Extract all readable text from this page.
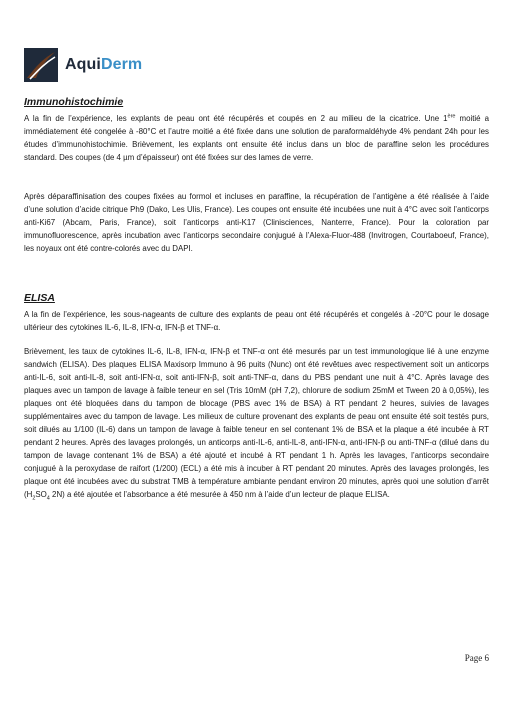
AquiDerm
Immunohistochimie
A la fin de l’expérience, les explants de peau ont été récupérés et coupés en 2 au milieu de la cicatrice. Une 1ère moitié a immédiatement été congelée à -80°C et l’autre moitié a été fixée dans une solution de paraformaldéhyde 4% pendant 24h pour les études d’immunohistochimie. Brièvement, les explants ont ensuite été inclus dans un bloc de paraffine selon les procédures standard. Des coupes (de 4 µm d’épaisseur) ont été fixées sur des lames de verre.
Après déparaffinisation des coupes fixées au formol et incluses en paraffine, la récupération de l’antigène a été réalisée à l’aide d’une solution d’acide citrique Ph9 (Dako, Les Ulis, France). Les coupes ont ensuite été incubées une nuit à 4°C avec soit l’anticorps anti-Ki67 (Abcam, Paris, France), soit l’anticorps anti-K17 (Clinisciences, Nanterre, France). Pour la coloration par immunofluorescence, après incubation avec l’anticorps secondaire conjugué à l’Alexa-Fluor-488 (Invitrogen, Courtaboeuf, France), les noyaux ont été contre-colorés avec du DAPI.
ELISA
A la fin de l’expérience, les sous-nageants de culture des explants de peau ont été récupérés et congelés à -20°C pour le dosage ultérieur des cytokines IL-6, IL-8, IFN-α, IFN-β et TNF-α.
Brièvement, les taux de cytokines IL-6, IL-8, IFN-α, IFN-β et TNF-α ont été mesurés par un test immunologique lié à une enzyme sandwich (ELISA). Des plaques ELISA Maxisorp Immuno à 96 puits (Nunc) ont été revêtues avec respectivement soit un anticorps anti-IL-6, soit anti-IL-8, soit anti-IFN-α, soit anti-IFN-β, soit anti-TNF-α, dans du PBS pendant une nuit à 4°C. Après lavage des plaques avec un tampon de lavage à faible teneur en sel (Tris 10mM (pH 7,2), chlorure de sodium 25mM et Tween 20 à 0,05%), les plaques ont été bloquées dans du tampon de blocage (PBS avec 1% de BSA) à RT pendant 2 heures, suivies de lavages supplémentaires avec du tampon de lavage. Les milieux de culture provenant des explants de peau ont ensuite été soit testés purs, soit dilués au 1/100 (IL-6) dans un tampon de lavage à faible teneur en sel contenant 1% de BSA et la plaque a été incubée à RT pendant 2 heures. Après des lavages prolongés, un anticorps anti-IL-6, anti-IL-8, anti-IFN-α, anti-IFN-β ou anti-TNF-α (dilué dans du tampon de lavage contenant 1% de BSA) a été ajouté et incubé à RT pendant 1 h. Après les lavages, l’anticorps secondaire conjugué à la peroxydase de raifort (1/200) (ECL) a été mis à incuber à RT pendant 20 minutes. Après des lavages prolongés, les plaque ont été incubées avec du substrat TMB à température ambiante pendant environ 20 minutes, après quoi une solution d’arrêt ($H_2SO_4$ 2N) a été ajoutée et l’absorbance a été mesurée à 450 nm à l’aide d’un lecteur de plaque ELISA.
Page 6
